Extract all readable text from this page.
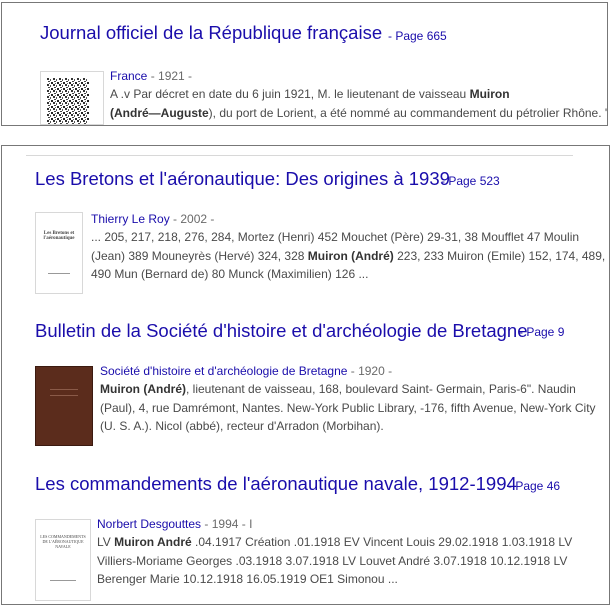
Journal officiel de la République française - Page 665
France - 1921 -
A .v Par décret en date du 6 juin 1921, M. le lieutenant de vaisseau Muiron
(André—Auguste), du port de Lorient, a été nommé au commandement du pétrolier Rhône. '
Les Bretons et l'aéronautique: Des origines à 1939
- Page 523
Les Bretons et l'aéronautique
Thierry Le Roy - 2002 -
... 205, 217, 218, 276, 284, Mortez (Henri) 452 Mouchet (Père) 29-31, 38 Moufflet 47 Moulin
(Jean) 389 Mouneyrès (Hervé) 324, 328 Muiron (André) 223, 233 Muiron (Emile) 152, 174, 489,
490 Mun (Bernard de) 80 Munck (Maximilien) 126 ...
Bulletin de la Société d'histoire et d'archéologie de Bretagne
- Page 9
Société d'histoire et d'archéologie de Bretagne - 1920 -
Muiron (André), lieutenant de vaisseau, 168, boulevard Saint- Germain, Paris-6". Naudin
(Paul), 4, rue Damrémont, Nantes. New-York Public Library, -176, fifth Avenue, New-York City
(U. S. A.). Nicol (abbé), recteur d'Arradon (Morbihan).
Les commandements de l'aéronautique navale, 1912-1994
- Page 46
LES COMMANDEMENTS DE L'AÉRONAUTIQUE NAVALE
Norbert Desgouttes - 1994 - I
LV Muiron André .04.1917 Création .01.1918 EV Vincent Louis 29.02.1918 1.03.1918 LV
Villiers-Moriame Georges .03.1918 3.07.1918 LV Louvet André 3.07.1918 10.12.1918 LV
Berenger Marie 10.12.1918 16.05.1919 OE1 Simonou ...
